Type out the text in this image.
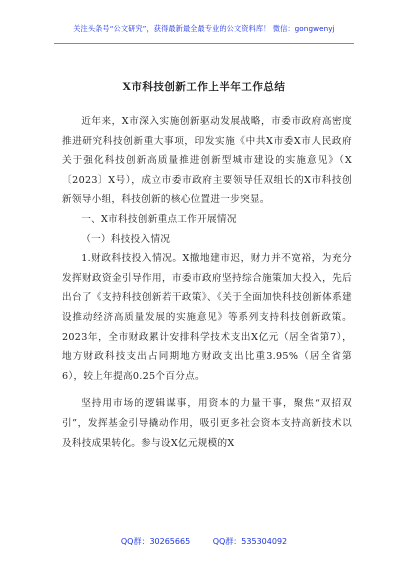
关注头条号“公文研究”，获得最新最全最专业的公文资料库！ 微信：gongwenyj
X市科技创新工作上半年工作总结

近年来，X市深入实施创新驱动发展战略，市委市政府高密度推进研究科技创新重大事项，印发实施《中共X市委X市人民政府关于强化科技创新高质量推进创新型城市建设的实施意见》（X〔2023〕X号），成立市委市政府主要领导任双组长的X市科技创新领导小组，科技创新的核心位置进一步突显。

一、X市科技创新重点工作开展情况

（一）科技投入情况

1.财政科技投入情况。X撤地建市迟，财力并不宽裕，为充分发挥财政资金引导作用，市委市政府坚持综合施策加大投入，先后出台了《支持科技创新若干政策》、《关于全面加快科技创新体系建设推动经济高质量发展的实施意见》等系列支持科技创新政策。2023年，全市财政累计安排科学技术支出X亿元（居全省第7），地方财政科技支出占同期地方财政支出比重3.95%（居全省第6），较上年提高0.25个百分点。

坚持用市场的逻辑谋事，用资本的力量干事，聚焦“双招双引”，发挥基金引导撬动作用，吸引更多社会资本支持高新技术以及科技成果转化。参与设X亿元规模的X

QQ群：30265665	QQ群：535304092
